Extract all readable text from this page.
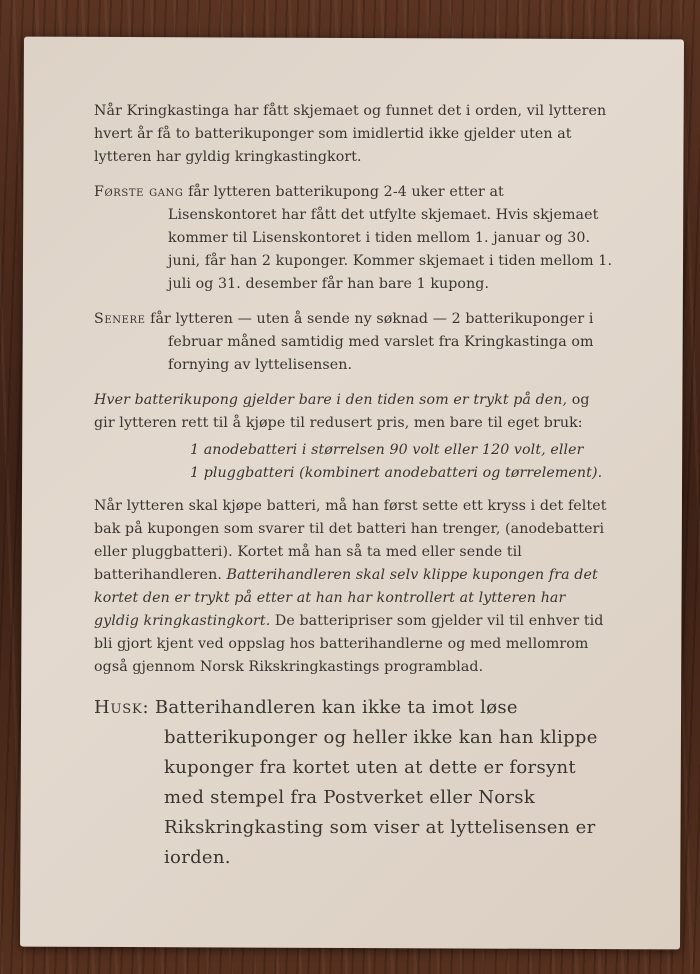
Når Kringkastinga har fått skjemaet og funnet det i orden, vil lytteren hvert år få to batterikuponger som imidlertid ikke gjelder uten at lytteren har gyldig kringkastingkort.

Første gang får lytteren batterikupong 2-4 uker etter at Lisenskontoret har fått det utfylte skjemaet. Hvis skjemaet kommer til Lisenskontoret i tiden mellom 1. januar og 30. juni, får han 2 kuponger. Kommer skjemaet i tiden mellom 1. juli og 31. desember får han bare 1 kupong.

Senere får lytteren — uten å sende ny søknad — 2 batterikuponger i februar måned samtidig med varslet fra Kringkastinga om fornying av lyttelisensen.

Hver batterikupong gjelder bare i den tiden som er trykt på den, og gir lytteren rett til å kjøpe til redusert pris, men bare til eget bruk:

1 anodebatteri i størrelsen 90 volt eller 120 volt, eller
1 pluggbatteri (kombinert anodebatteri og tørrelement).

Når lytteren skal kjøpe batteri, må han først sette ett kryss i det feltet bak på kupongen som svarer til det batteri han trenger, (anodebatteri eller pluggbatteri). Kortet må han så ta med eller sende til batterihandleren. Batterihandleren skal selv klippe kupongen fra det kortet den er trykt på etter at han har kontrollert at lytteren har gyldig kringkastingkort. De batteripriser som gjelder vil til enhver tid bli gjort kjent ved oppslag hos batterihandlerne og med mellomrom også gjennom Norsk Rikskringkastings programblad.

Husk: Batterihandleren kan ikke ta imot løse batterikuponger og heller ikke kan han klippe kuponger fra kortet uten at dette er forsynt med stempel fra Postverket eller Norsk Rikskringkasting som viser at lyttelisensen er iorden.
